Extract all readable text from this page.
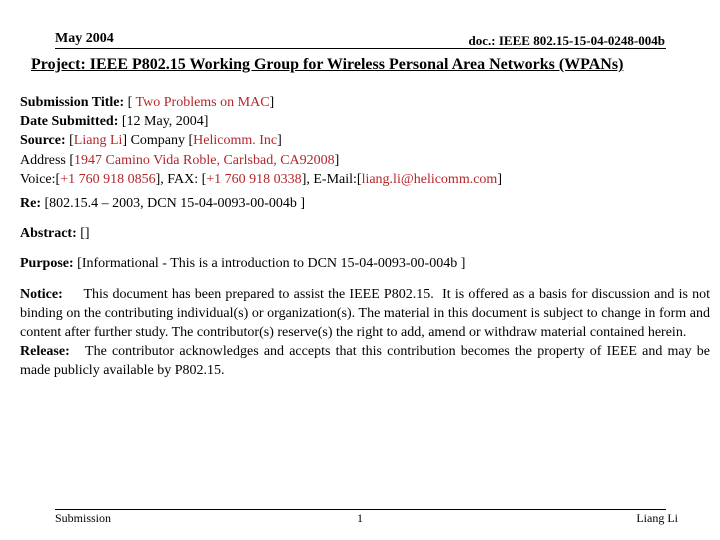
May 2004	doc.: IEEE 802.15-15-04-0248-004b
Project: IEEE P802.15 Working Group for Wireless Personal Area Networks (WPANs)
Submission Title: [ Two Problems on MAC]
Date Submitted: [12 May, 2004]
Source: [Liang Li] Company [Helicomm. Inc]
Address [1947 Camino Vida Roble, Carlsbad, CA92008]
Voice:[+1 760 918 0856], FAX: [+1 760 918 0338], E-Mail:[liang.li@helicomm.com]
Re: [802.15.4 – 2003, DCN 15-04-0093-00-004b ]
Abstract: []
Purpose: [Informational - This is a introduction to DCN 15-04-0093-00-004b ]
Notice:     This document has been prepared to assist the IEEE P802.15.  It is offered as a basis for discussion and is not binding on the contributing individual(s) or organization(s). The material in this document is subject to change in form and content after further study. The contributor(s) reserve(s) the right to add, amend or withdraw material contained herein.
Release:   The contributor acknowledges and accepts that this contribution becomes the property of IEEE and may be made publicly available by P802.15.
Submission	1	Liang Li
